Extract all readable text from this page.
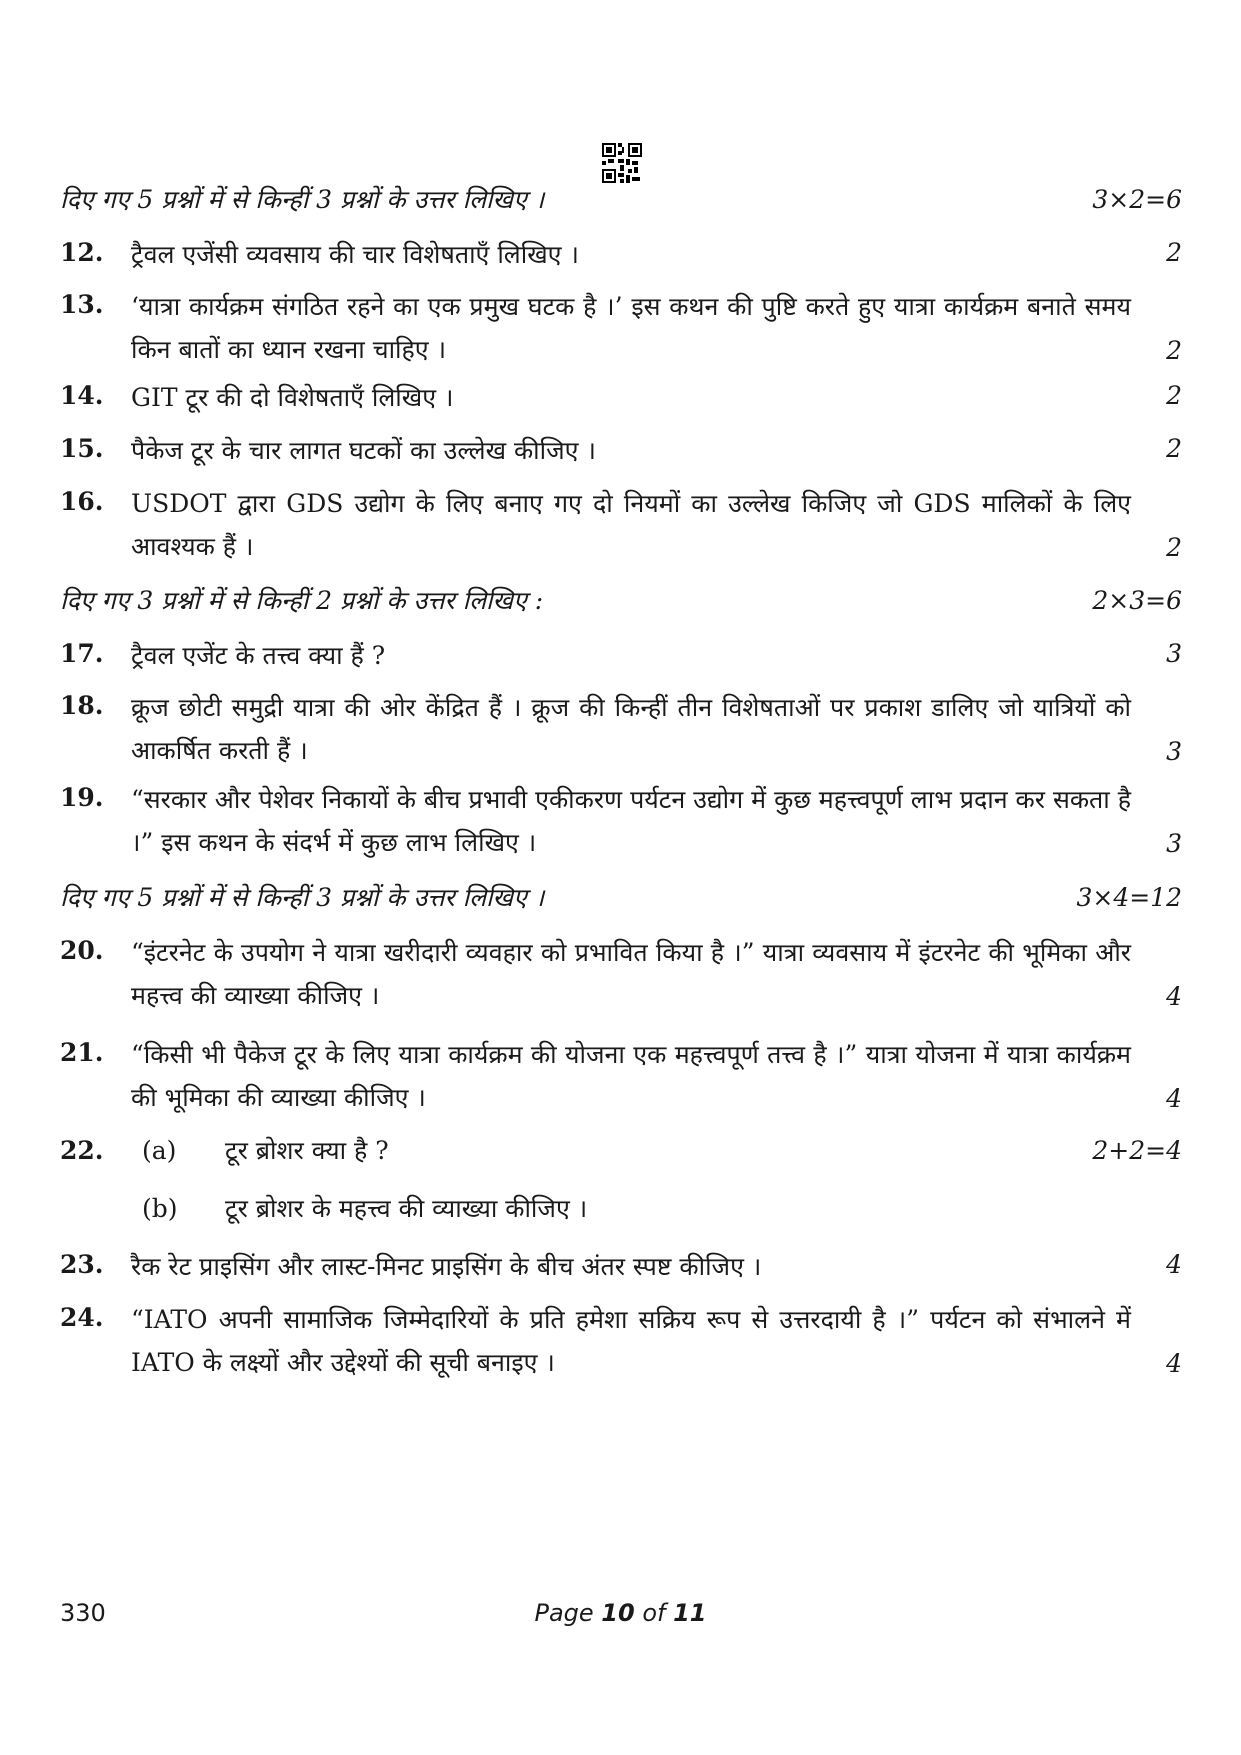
दिए गए 5 प्रश्नों में से किन्हीं 3 प्रश्नों के उत्तर लिखिए ।	3×2=6
12. ट्रैवल एजेंसी व्यवसाय की चार विशेषताएँ लिखिए ।	2
13. ‘यात्रा कार्यक्रम संगठित रहने का एक प्रमुख घटक है ।’ इस कथन की पुष्टि करते हुए यात्रा कार्यक्रम बनाते समय किन बातों का ध्यान रखना चाहिए ।	2
14. GIT टूर की दो विशेषताएँ लिखिए ।	2
15. पैकेज टूर के चार लागत घटकों का उल्लेख कीजिए ।	2
16. USDOT द्वारा GDS उद्योग के लिए बनाए गए दो नियमों का उल्लेख किजिए जो GDS मालिकों के लिए आवश्यक हैं ।	2
दिए गए 3 प्रश्नों में से किन्हीं 2 प्रश्नों के उत्तर लिखिए :	2×3=6
17. ट्रैवल एजेंट के तत्त्व क्या हैं ?	3
18. क्रूज छोटी समुद्री यात्रा की ओर केंद्रित हैं । क्रूज की किन्हीं तीन विशेषताओं पर प्रकाश डालिए जो यात्रियों को आकर्षित करती हैं ।	3
19. “सरकार और पेशेवर निकायों के बीच प्रभावी एकीकरण पर्यटन उद्योग में कुछ महत्त्वपूर्ण लाभ प्रदान कर सकता है ।” इस कथन के संदर्भ में कुछ लाभ लिखिए ।	3
दिए गए 5 प्रश्नों में से किन्हीं 3 प्रश्नों के उत्तर लिखिए ।	3×4=12
20. “इंटरनेट के उपयोग ने यात्रा खरीदारी व्यवहार को प्रभावित किया है ।” यात्रा व्यवसाय में इंटरनेट की भूमिका और महत्त्व की व्याख्या कीजिए ।	4
21. “किसी भी पैकेज टूर के लिए यात्रा कार्यक्रम की योजना एक महत्त्वपूर्ण तत्त्व है ।” यात्रा योजना में यात्रा कार्यक्रम की भूमिका की व्याख्या कीजिए ।	4
22.	2+2=4
(a) टूर ब्रोशर क्या है ?
(b) टूर ब्रोशर के महत्त्व की व्याख्या कीजिए ।
23. रैक रेट प्राइसिंग और लास्ट-मिनट प्राइसिंग के बीच अंतर स्पष्ट कीजिए ।	4
24. “IATO अपनी सामाजिक जिम्मेदारियों के प्रति हमेशा सक्रिय रूप से उत्तरदायी है ।” पर्यटन को संभालने में IATO के लक्ष्यों और उद्देश्यों की सूची बनाइए ।	4
330	Page 10 of 11
